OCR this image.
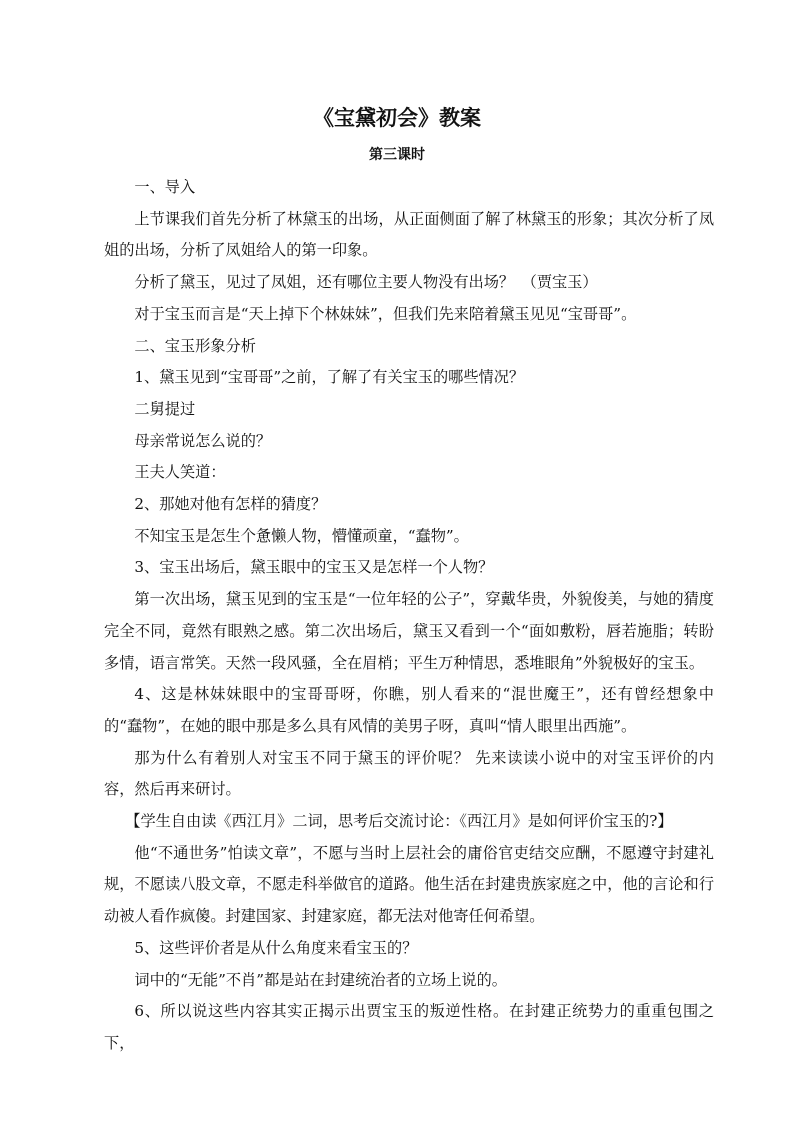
《宝黛初会》教案
第三课时

一、导入

上节课我们首先分析了林黛玉的出场，从正面侧面了解了林黛玉的形象；其次分析了凤姐的出场，分析了凤姐给人的第一印象。

分析了黛玉，见过了凤姐，还有哪位主要人物没有出场？　（贾宝玉）

对于宝玉而言是“天上掉下个林妹妹”，但我们先来陪着黛玉见见“宝哥哥”。

二、宝玉形象分析

1、黛玉见到“宝哥哥”之前，了解了有关宝玉的哪些情况？

二舅提过

母亲常说怎么说的？

王夫人笑道：

2、那她对他有怎样的猜度？

不知宝玉是怎生个惫懒人物，懵懂顽童，“蠢物”。

3、宝玉出场后，黛玉眼中的宝玉又是怎样一个人物？

第一次出场，黛玉见到的宝玉是“一位年轻的公子”，穿戴华贵，外貌俊美，与她的猜度完全不同，竟然有眼熟之感。第二次出场后，黛玉又看到一个“面如敷粉，唇若施脂；转盼多情，语言常笑。天然一段风骚，全在眉梢；平生万种情思，悉堆眼角”外貌极好的宝玉。

4、这是林妹妹眼中的宝哥哥呀，你瞧，别人看来的“混世魔王”，还有曾经想象中的“蠢物”，在她的眼中那是多么具有风情的美男子呀，真叫“情人眼里出西施”。

那为什么有着别人对宝玉不同于黛玉的评价呢？ 先来读读小说中的对宝玉评价的内容，然后再来研讨。

【学生自由读《西江月》二词，思考后交流讨论：《西江月》是如何评价宝玉的?】

他“不通世务”怕读文章”，不愿与当时上层社会的庸俗官吏结交应酬，不愿遵守封建礼规，不愿读八股文章，不愿走科举做官的道路。他生活在封建贵族家庭之中，他的言论和行动被人看作疯傻。封建国家、封建家庭，都无法对他寄任何希望。

5、这些评价者是从什么角度来看宝玉的？

词中的“无能”不肖”都是站在封建统治者的立场上说的。

6、所以说这些内容其实正揭示出贾宝玉的叛逆性格。在封建正统势力的重重包围之下，
